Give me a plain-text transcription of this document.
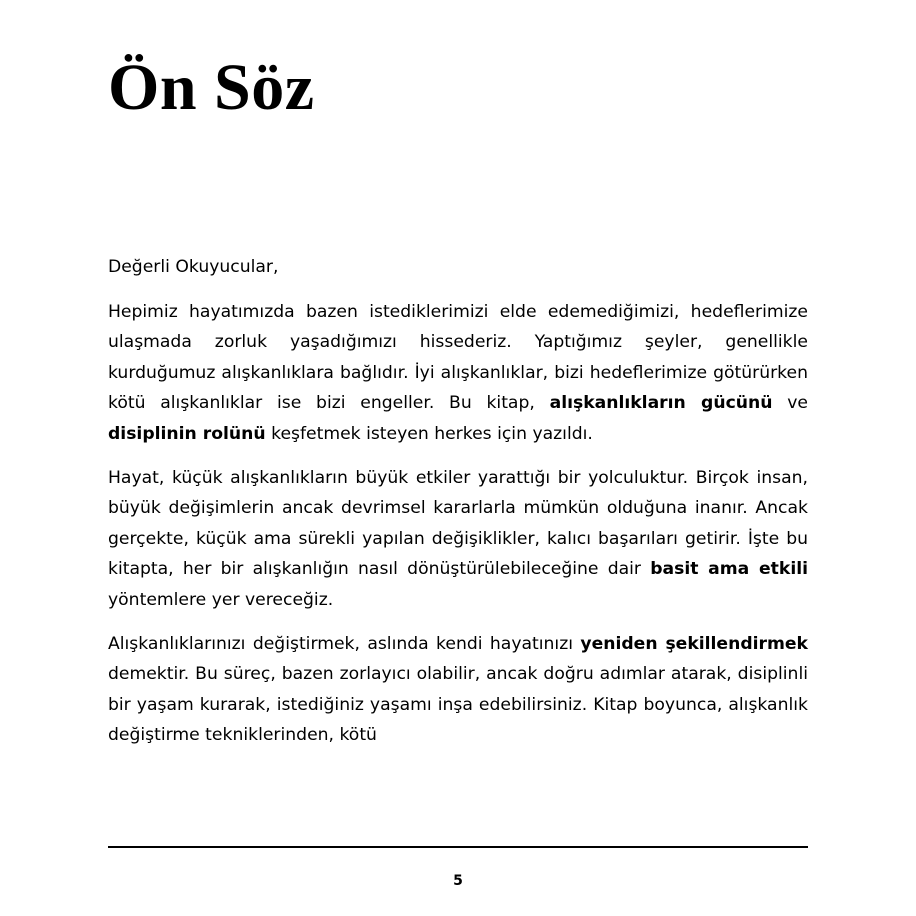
Ön Söz

Değerli Okuyucular,

Hepimiz hayatımızda bazen istediklerimizi elde edemediğimizi, hedeflerimize ulaşmada zorluk yaşadığımızı hissederiz. Yaptığımız şeyler, genellikle kurduğumuz alışkanlıklara bağlıdır. İyi alışkanlıklar, bizi hedeflerimize götürürken kötü alışkanlıklar ise bizi engeller. Bu kitap, alışkanlıkların gücünü ve disiplinin rolünü keşfetmek isteyen herkes için yazıldı.

Hayat, küçük alışkanlıkların büyük etkiler yarattığı bir yolculuktur. Birçok insan, büyük değişimlerin ancak devrimsel kararlarla mümkün olduğuna inanır. Ancak gerçekte, küçük ama sürekli yapılan değişiklikler, kalıcı başarıları getirir. İşte bu kitapta, her bir alışkanlığın nasıl dönüştürülebileceğine dair basit ama etkili yöntemlere yer vereceğiz.

Alışkanlıklarınızı değiştirmek, aslında kendi hayatınızı yeniden şekillendirmek demektir. Bu süreç, bazen zorlayıcı olabilir, ancak doğru adımlar atarak, disiplinli bir yaşam kurarak, istediğiniz yaşamı inşa edebilirsiniz. Kitap boyunca, alışkanlık değiştirme tekniklerinden, kötü

5
